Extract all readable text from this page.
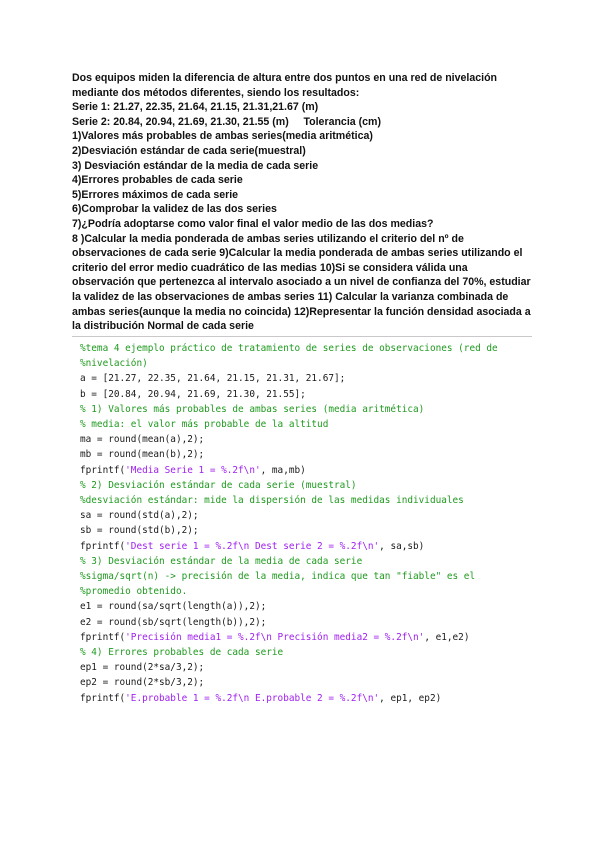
Dos equipos miden la diferencia de altura entre dos puntos en una red de nivelación
mediante dos métodos diferentes, siendo los resultados:
Serie 1: 21.27, 22.35, 21.64, 21.15, 21.31,21.67 (m)
Serie 2: 20.84, 20.94, 21.69, 21.30, 21.55 (m)     Tolerancia (cm)
1)Valores más probables de ambas series(media aritmética)
2)Desviación estándar de cada serie(muestral)
3) Desviación estándar de la media de cada serie
4)Errores probables de cada serie
5)Errores máximos de cada serie
6)Comprobar la validez de las dos series
7)¿Podría adoptarse como valor final el valor medio de las dos medias?
8 )Calcular la media ponderada de ambas series utilizando el criterio del nº de observaciones de cada serie 9)Calcular la media ponderada de ambas series utilizando el criterio del error medio cuadrático de las medias 10)Si se considera válida una observación que pertenezca al intervalo asociado a un nivel de confianza del 70%, estudiar la validez de las observaciones de ambas series 11) Calcular la varianza combinada de ambas series(aunque la media no coincida) 12)Representar la función densidad asociada a la distribución Normal de cada serie
%tema 4 ejemplo práctico de tratamiento de series de observaciones (red de
%nivelación)
a = [21.27, 22.35, 21.64, 21.15, 21.31, 21.67];
b = [20.84, 20.94, 21.69, 21.30, 21.55];
% 1) Valores más probables de ambas series (media aritmética)
% media: el valor más probable de la altitud
ma = round(mean(a),2);
mb = round(mean(b),2);
fprintf('Media Serie 1 = %.2f\n', ma,mb)
% 2) Desviación estándar de cada serie (muestral)
%desviación estándar: mide la dispersión de las medidas individuales
sa = round(std(a),2);
sb = round(std(b),2);
fprintf('Dest serie 1 = %.2f\n Dest serie 2 = %.2f\n', sa,sb)
% 3) Desviación estándar de la media de cada serie
%sigma/sqrt(n) -> precisión de la media, indica que tan "fiable" es el
%promedio obtenido.
e1 = round(sa/sqrt(length(a)),2);
e2 = round(sb/sqrt(length(b)),2);
fprintf('Precisión media1 = %.2f\n Precisión media2 = %.2f\n', e1,e2)
% 4) Errores probables de cada serie
ep1 = round(2*sa/3,2);
ep2 = round(2*sb/3,2);
fprintf('E.probable 1 = %.2f\n E.probable 2 = %.2f\n', ep1, ep2)
